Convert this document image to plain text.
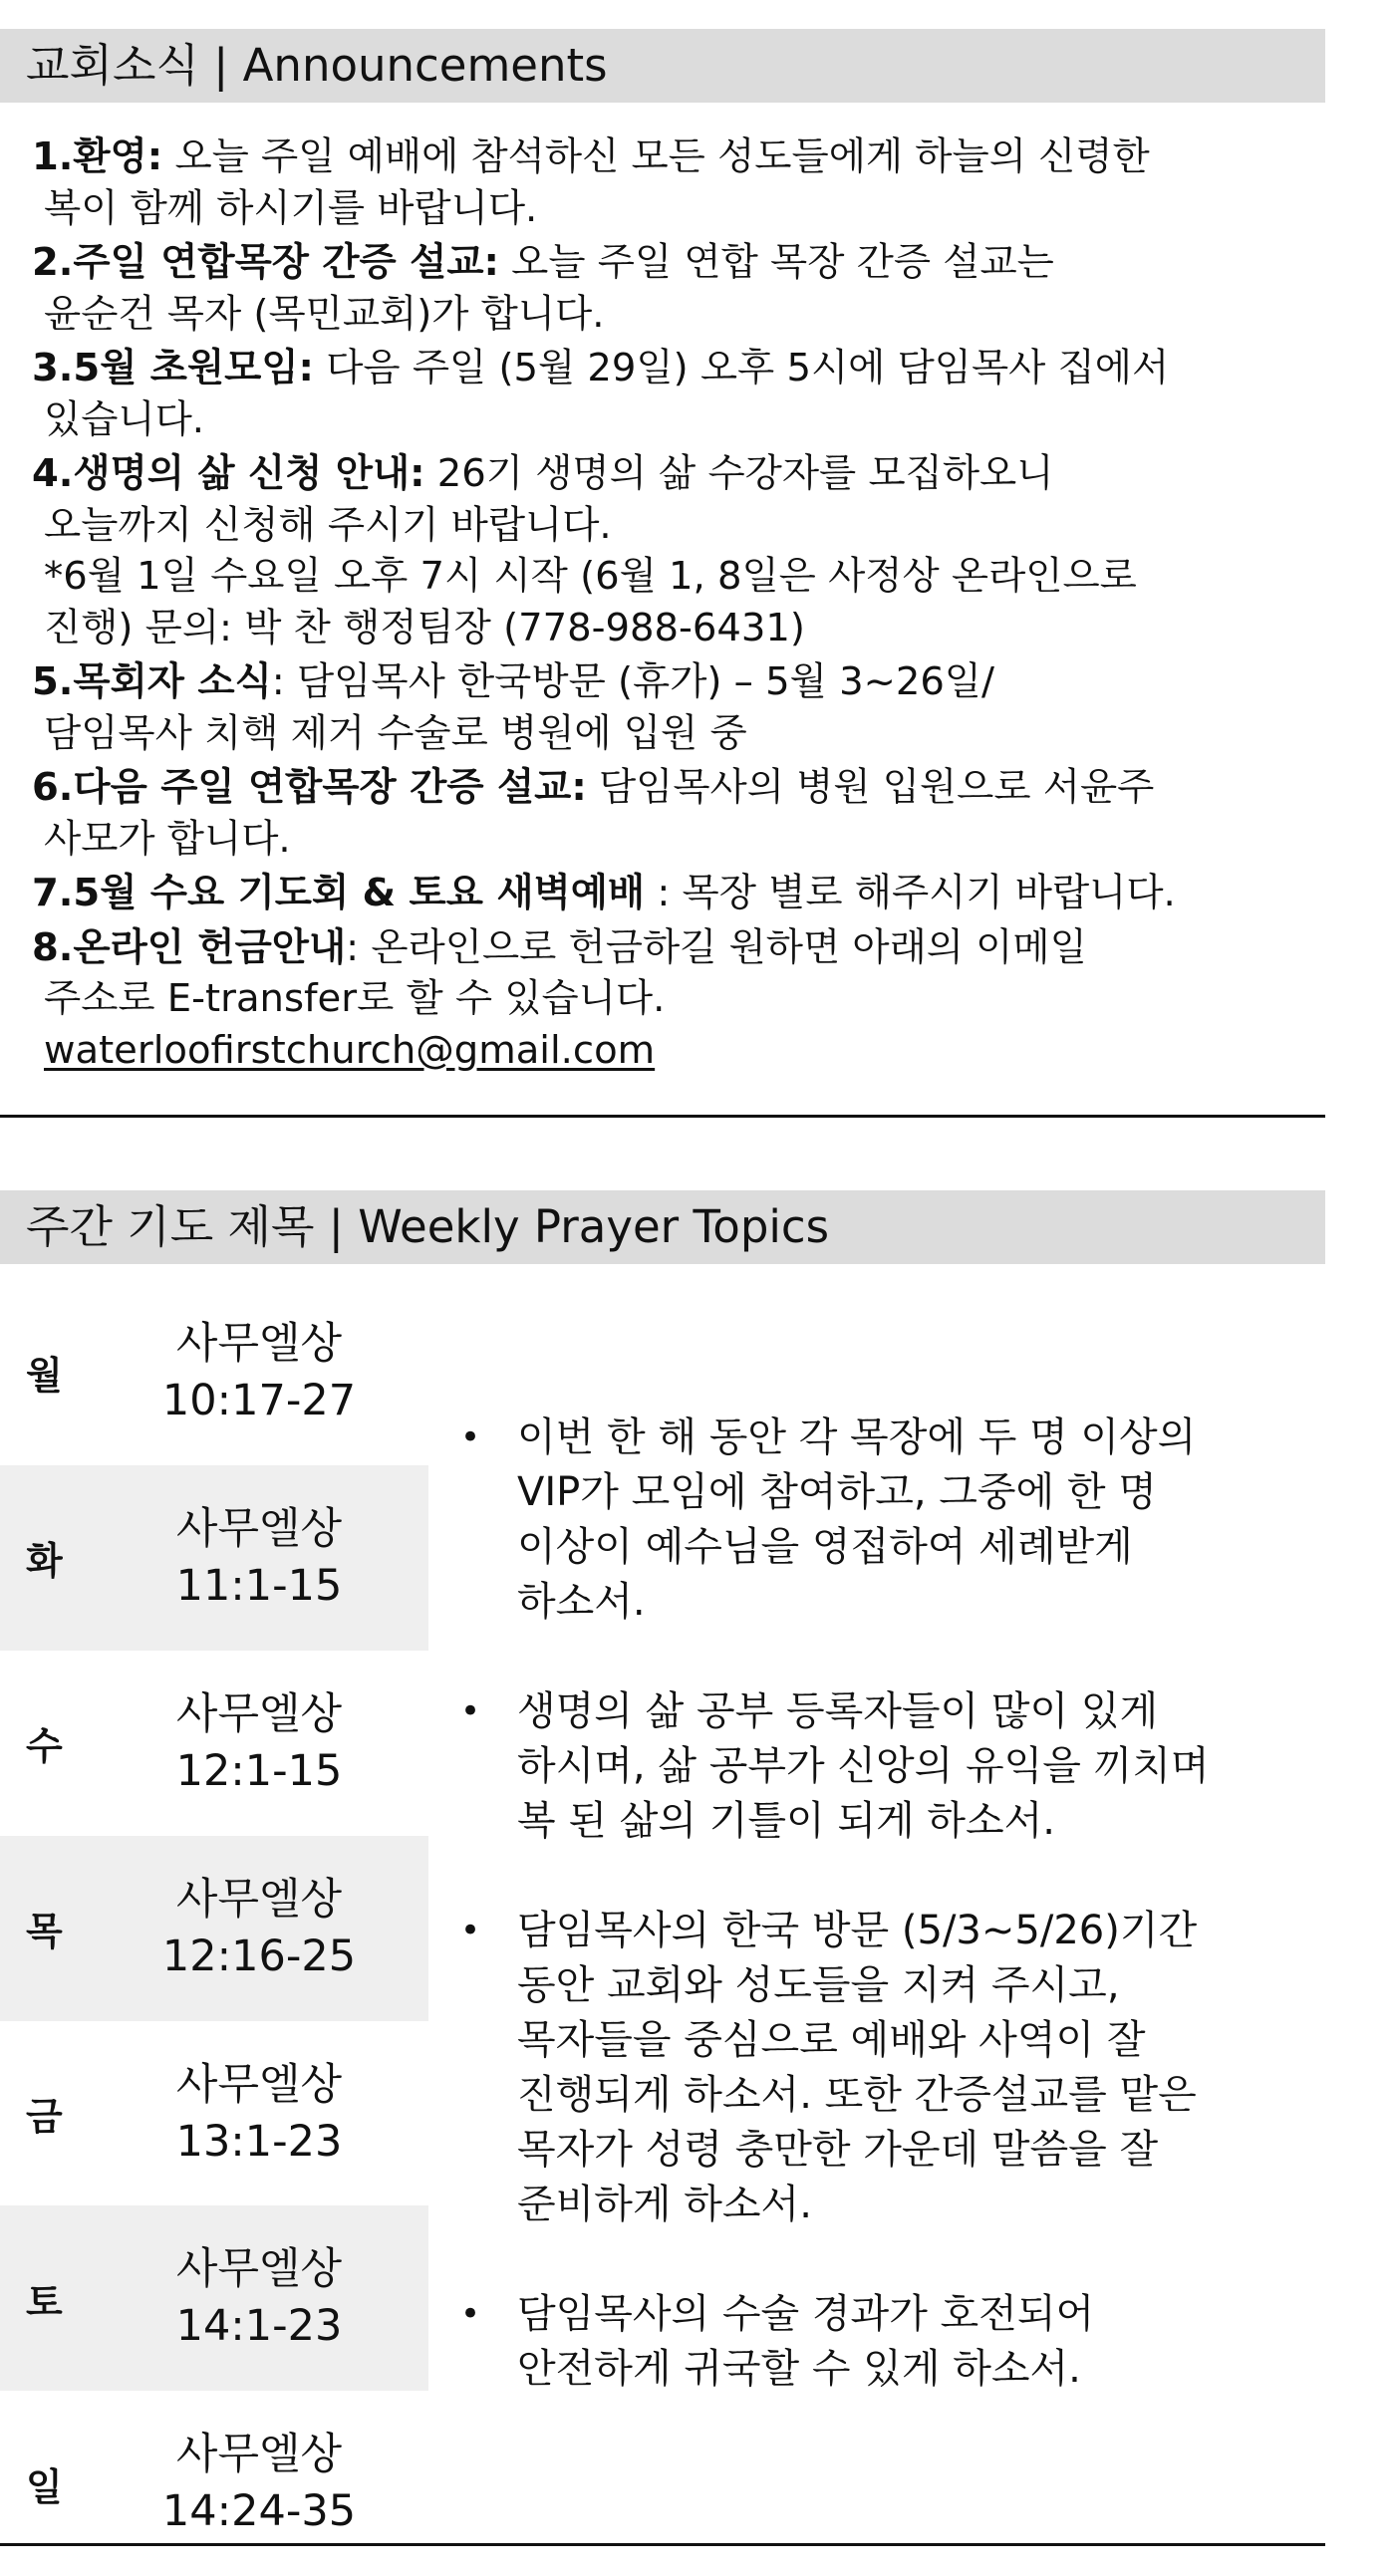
교회소식 | Announcements
1.환영: 오늘 주일 예배에 참석하신 모든 성도들에게 하늘의 신령한
복이 함께 하시기를 바랍니다.
2.주일 연합목장 간증 설교: 오늘 주일 연합 목장 간증 설교는
윤순건 목자 (목민교회)가 합니다.
3.5월 초원모임: 다음 주일 (5월 29일) 오후 5시에 담임목사 집에서
있습니다.
4.생명의 삶 신청 안내: 26기 생명의 삶 수강자를 모집하오니
오늘까지 신청해 주시기 바랍니다.
*6월 1일 수요일 오후 7시 시작 (6월 1, 8일은 사정상 온라인으로
진행) 문의: 박 찬 행정팀장 (778-988-6431)
5.목회자 소식: 담임목사 한국방문 (휴가) – 5월 3~26일/
담임목사 치핵 제거 수술로 병원에 입원 중
6.다음 주일 연합목장 간증 설교: 담임목사의 병원 입원으로 서윤주
사모가 합니다.
7.5월 수요 기도회 & 토요 새벽예배 : 목장 별로 해주시기 바랍니다.
8.온라인 헌금안내: 온라인으로 헌금하길 원하면 아래의 이메일
주소로 E-transfer로 할 수 있습니다.
waterloofirstchurch@gmail.com
주간 기도 제목 | Weekly Prayer Topics
월
사무엘상
10:17-27
화
사무엘상
11:1-15
수
사무엘상
12:1-15
목
사무엘상
12:16-25
금
사무엘상
13:1-23
토
사무엘상
14:1-23
일
사무엘상
14:24-35
• 이번 한 해 동안 각 목장에 두 명 이상의
VIP가 모임에 참여하고, 그중에 한 명
이상이 예수님을 영접하여 세례받게
하소서.
• 생명의 삶 공부 등록자들이 많이 있게
하시며, 삶 공부가 신앙의 유익을 끼치며
복 된 삶의 기틀이 되게 하소서.
• 담임목사의 한국 방문 (5/3~5/26)기간
동안 교회와 성도들을 지켜 주시고,
목자들을 중심으로 예배와 사역이 잘
진행되게 하소서. 또한 간증설교를 맡은
목자가 성령 충만한 가운데 말씀을 잘
준비하게 하소서.
• 담임목사의 수술 경과가 호전되어
안전하게 귀국할 수 있게 하소서.
